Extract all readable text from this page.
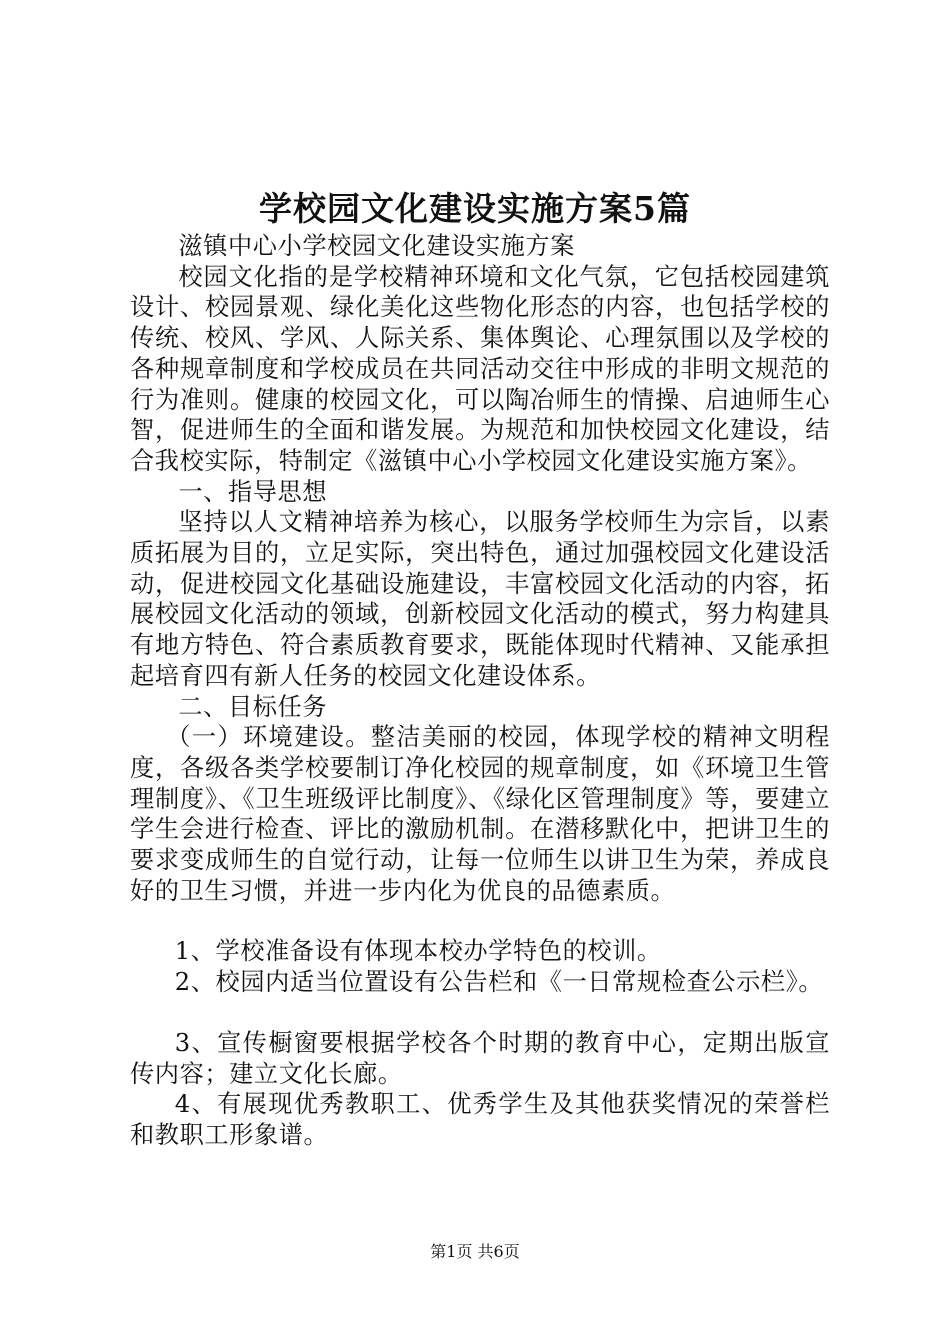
学校园文化建设实施方案5篇

滋镇中心小学校园文化建设实施方案

校园文化指的是学校精神环境和文化气氛，它包括校园建筑设计、校园景观、绿化美化这些物化形态的内容，也包括学校的传统、校风、学风、人际关系、集体舆论、心理氛围以及学校的各种规章制度和学校成员在共同活动交往中形成的非明文规范的行为准则。健康的校园文化，可以陶冶师生的情操、启迪师生心智，促进师生的全面和谐发展。为规范和加快校园文化建设，结合我校实际，特制定《滋镇中心小学校园文化建设实施方案》。

一、指导思想

坚持以人文精神培养为核心，以服务学校师生为宗旨，以素质拓展为目的，立足实际，突出特色，通过加强校园文化建设活动，促进校园文化基础设施建设，丰富校园文化活动的内容，拓展校园文化活动的领域，创新校园文化活动的模式，努力构建具有地方特色、符合素质教育要求，既能体现时代精神、又能承担起培育四有新人任务的校园文化建设体系。

二、目标任务

（一）环境建设。整洁美丽的校园，体现学校的精神文明程度，各级各类学校要制订净化校园的规章制度，如《环境卫生管理制度》、《卫生班级评比制度》、《绿化区管理制度》等，要建立学生会进行检查、评比的激励机制。在潜移默化中，把讲卫生的要求变成师生的自觉行动，让每一位师生以讲卫生为荣，养成良好的卫生习惯，并进一步内化为优良的品德素质。

1、学校准备设有体现本校办学特色的校训。

2、校园内适当位置设有公告栏和《一日常规检查公示栏》。

3、宣传橱窗要根据学校各个时期的教育中心，定期出版宣传内容；建立文化长廊。

4、有展现优秀教职工、优秀学生及其他获奖情况的荣誉栏和教职工形象谱。

第1页 共6页
